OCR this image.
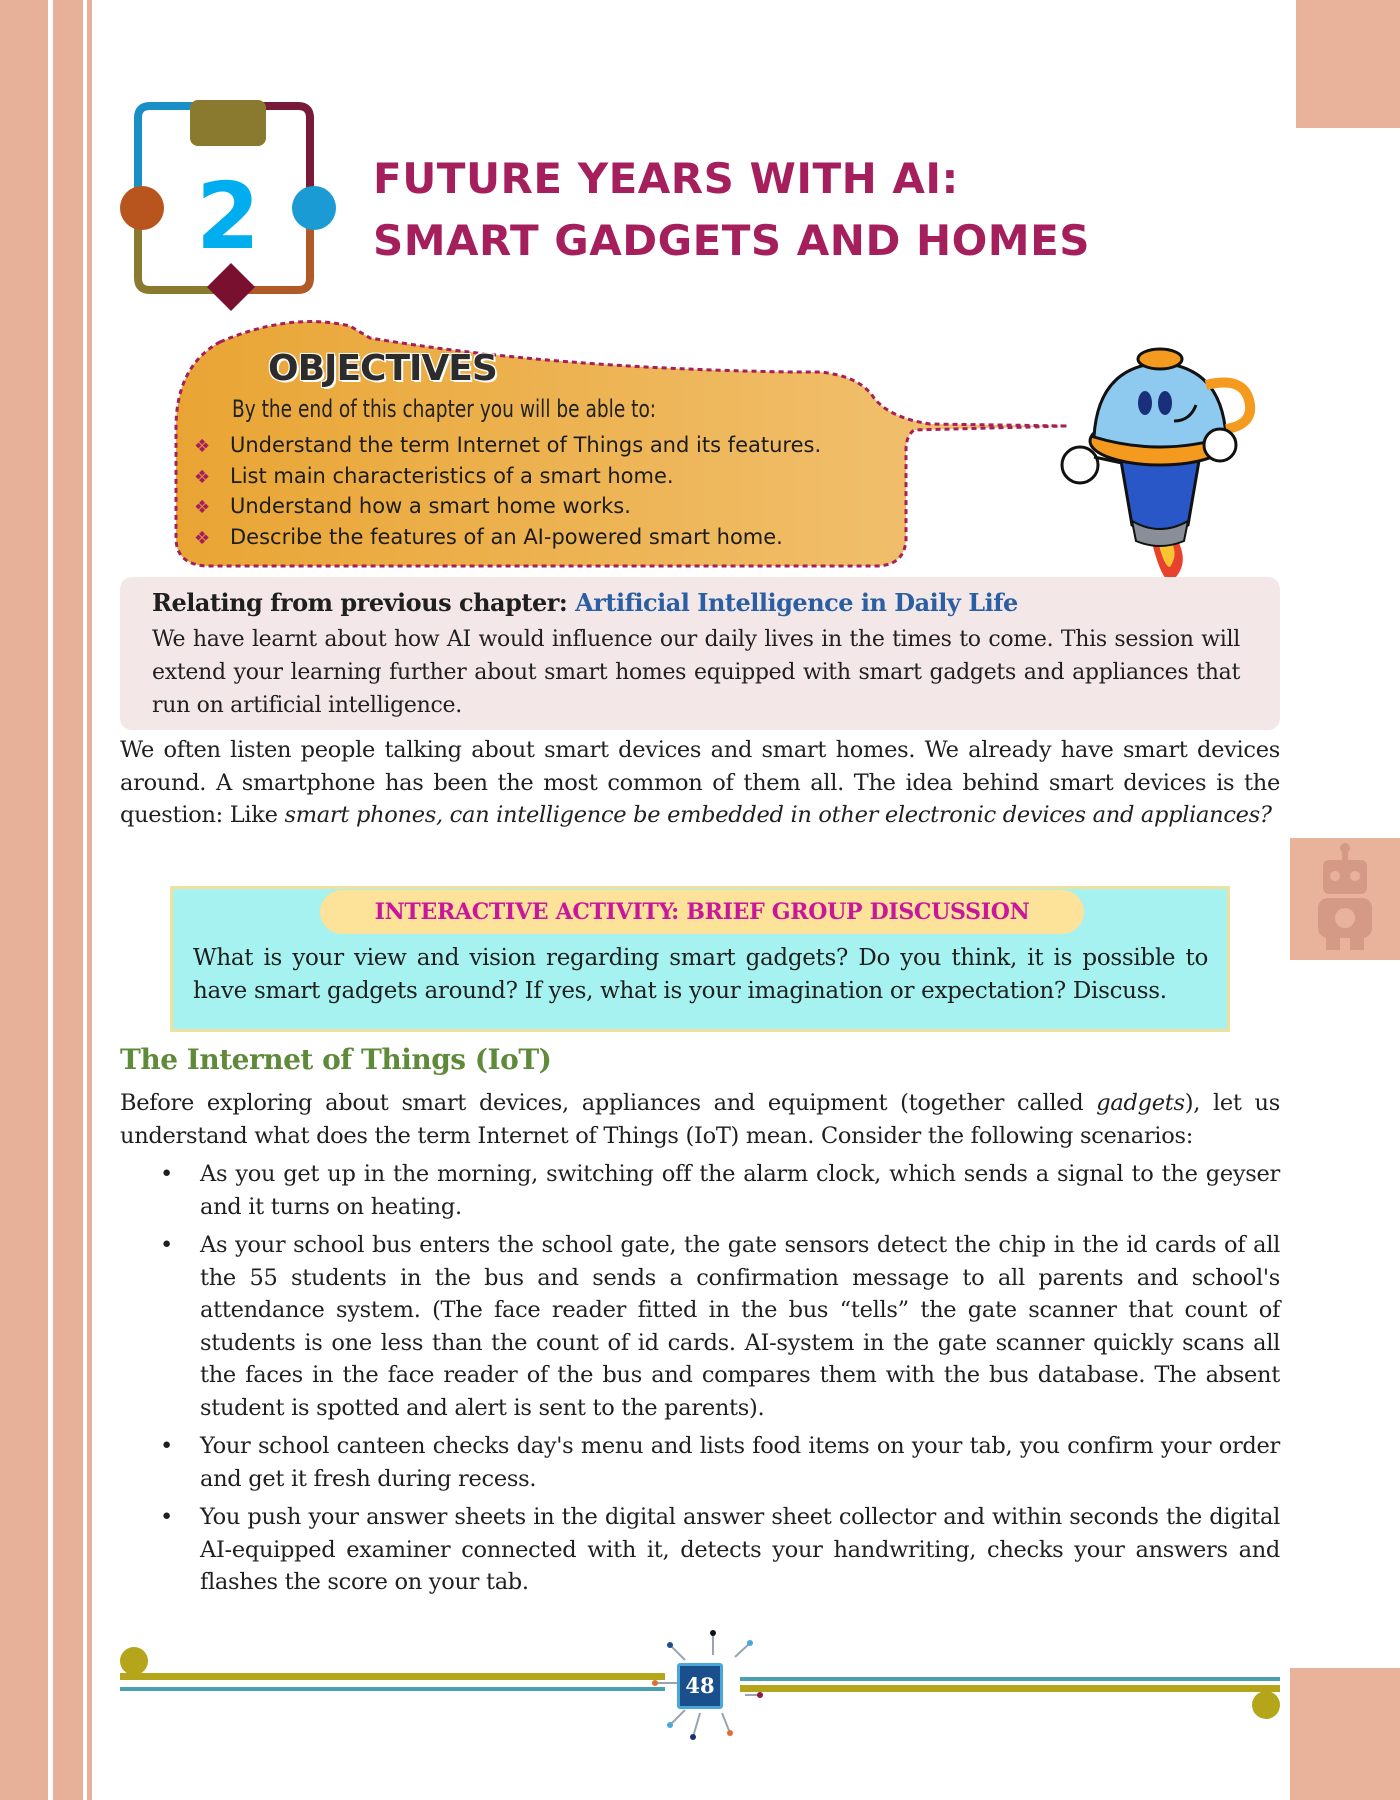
2	FUTURE YEARS WITH AI:
SMART GADGETS AND HOMES
OBJECTIVES
By the end of this chapter you will be able to:
❖ Understand the term Internet of Things and its features.
❖ List main characteristics of a smart home.
❖ Understand how a smart home works.
❖ Describe the features of an AI-powered smart home.

Relating from previous chapter: Artificial Intelligence in Daily Life

We have learnt about how AI would influence our daily lives in the times to come. This session will extend your learning further about smart homes equipped with smart gadgets and appliances that run on artificial intelligence.

We often listen people talking about smart devices and smart homes. We already have smart devices around. A smartphone has been the most common of them all. The idea behind smart devices is the question: Like smart phones, can intelligence be embedded in other electronic devices and appliances?

INTERACTIVE ACTIVITY: BRIEF GROUP DISCUSSION

What is your view and vision regarding smart gadgets? Do you think, it is possible to have smart gadgets around? If yes, what is your imagination or expectation? Discuss.

The Internet of Things (IoT)

Before exploring about smart devices, appliances and equipment (together called gadgets), let us understand what does the term Internet of Things (IoT) mean. Consider the following scenarios:

• As you get up in the morning, switching off the alarm clock, which sends a signal to the geyser and it turns on heating.
• As your school bus enters the school gate, the gate sensors detect the chip in the id cards of all the 55 students in the bus and sends a confirmation message to all parents and school's attendance system. (The face reader fitted in the bus “tells” the gate scanner that count of students is one less than the count of id cards. AI-system in the gate scanner quickly scans all the faces in the face reader of the bus and compares them with the bus database. The absent student is spotted and alert is sent to the parents).
• Your school canteen checks day's menu and lists food items on your tab, you confirm your order and get it fresh during recess.
• You push your answer sheets in the digital answer sheet collector and within seconds the digital AI-equipped examiner connected with it, detects your handwriting, checks your answers and flashes the score on your tab.
48
